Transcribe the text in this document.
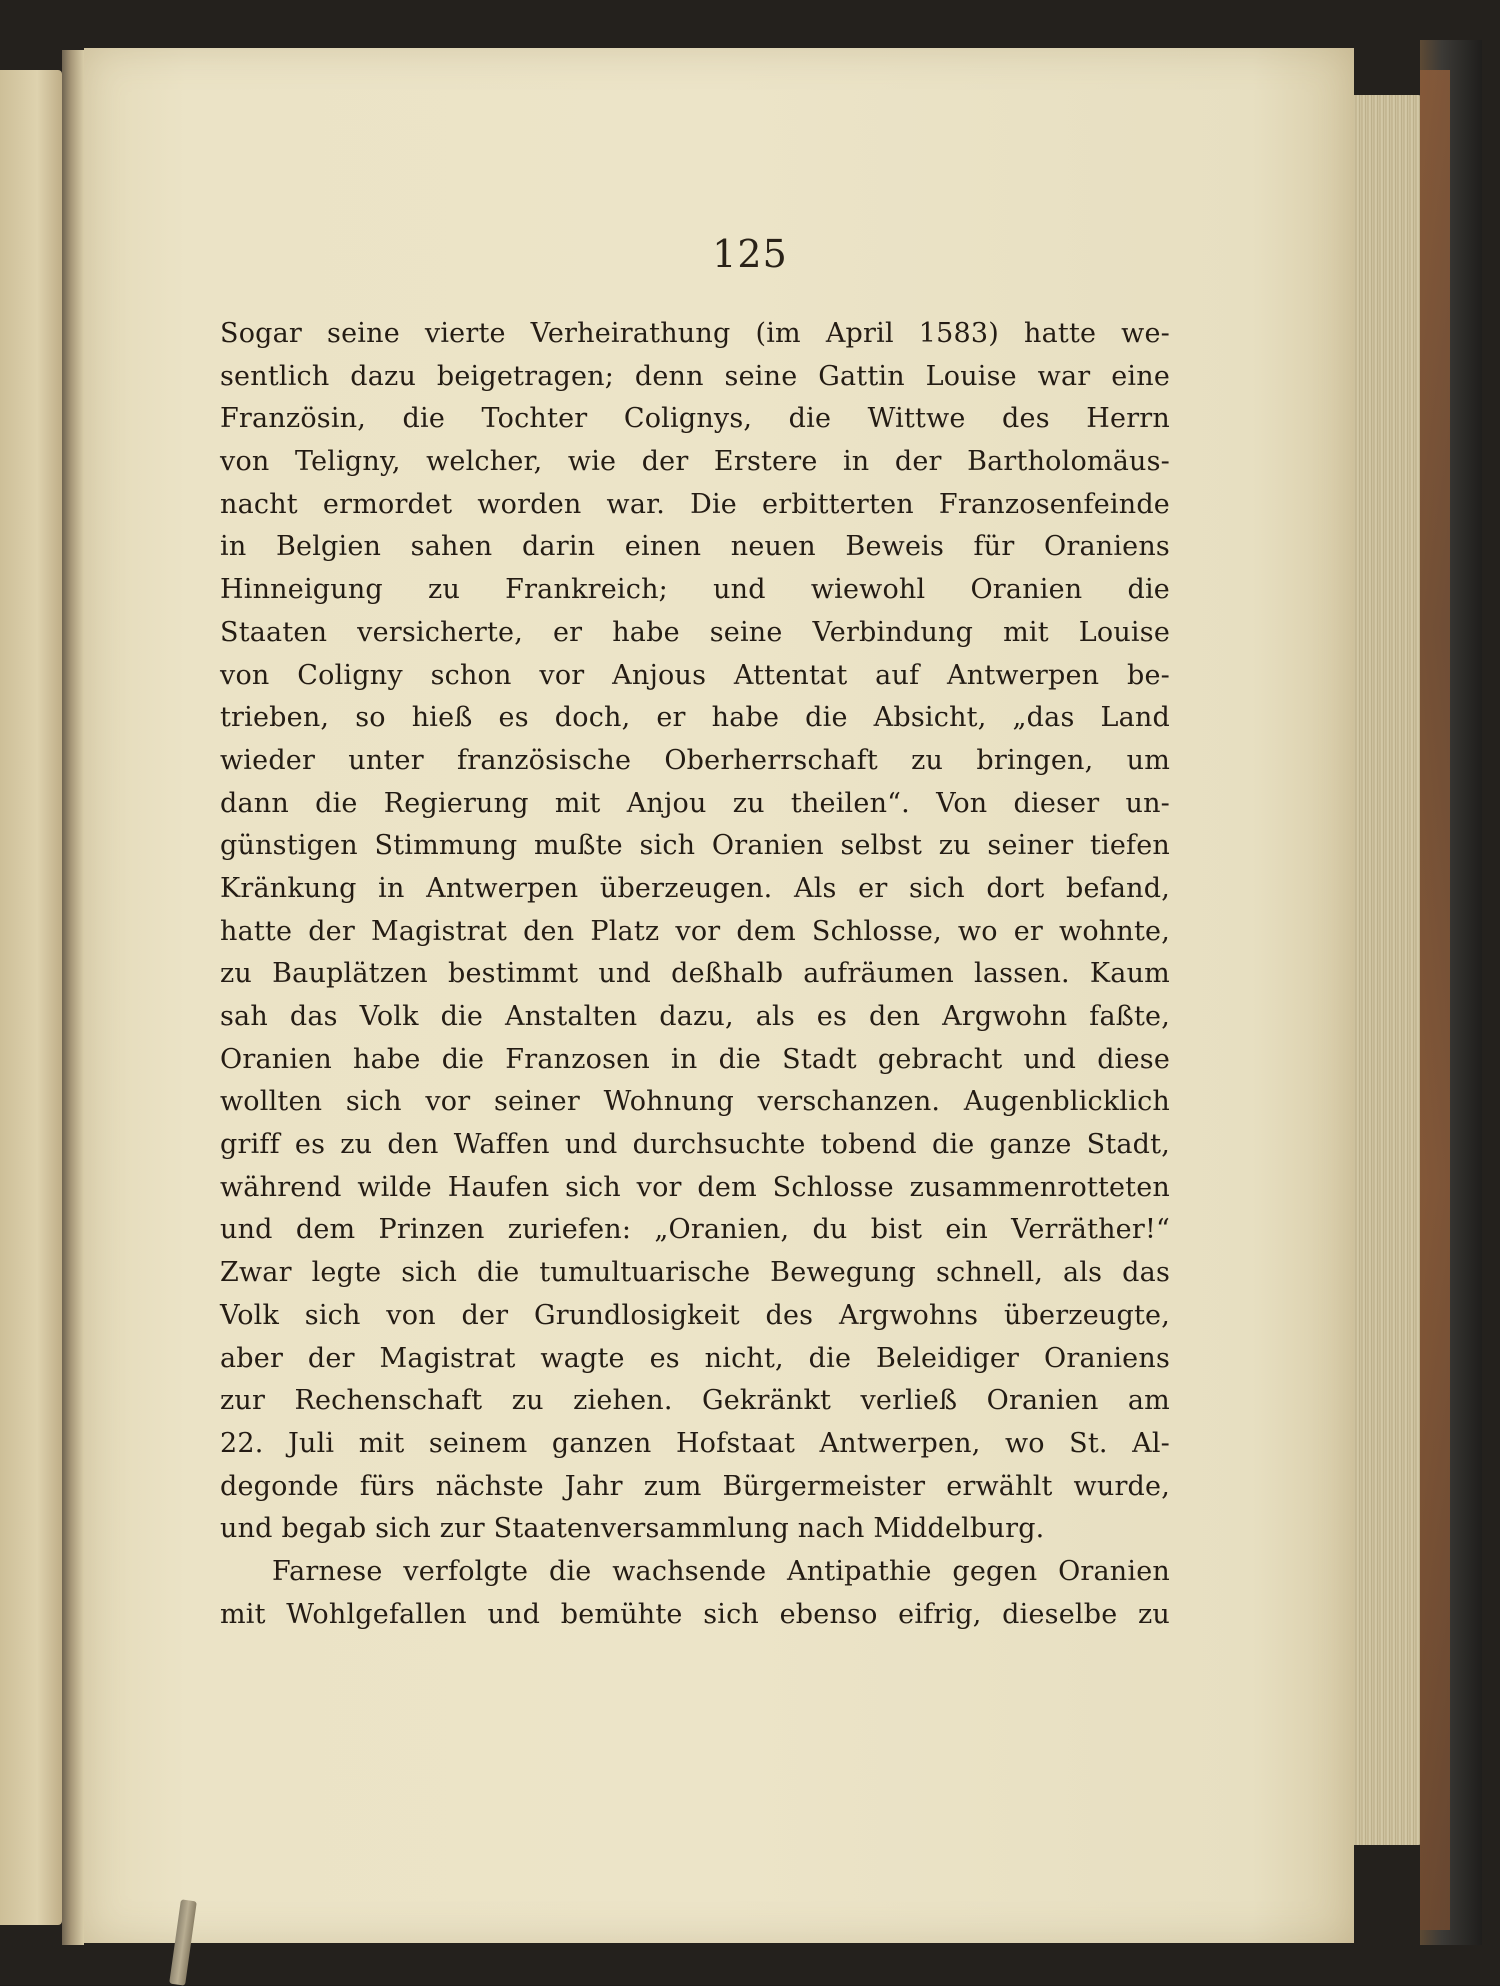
125
Sogar seine vierte Verheirathung (im April 1583) hatte we-
sentlich dazu beigetragen; denn seine Gattin Louise war eine
Französin, die Tochter Colignys, die Wittwe des Herrn
von Teligny, welcher, wie der Erstere in der Bartholomäus-
nacht ermordet worden war. Die erbitterten Franzosenfeinde
in Belgien sahen darin einen neuen Beweis für Oraniens
Hinneigung zu Frankreich; und wiewohl Oranien die
Staaten versicherte, er habe seine Verbindung mit Louise
von Coligny schon vor Anjous Attentat auf Antwerpen be-
trieben, so hieß es doch, er habe die Absicht, „das Land
wieder unter französische Oberherrschaft zu bringen, um
dann die Regierung mit Anjou zu theilen“. Von dieser un-
günstigen Stimmung mußte sich Oranien selbst zu seiner tiefen
Kränkung in Antwerpen überzeugen. Als er sich dort befand,
hatte der Magistrat den Platz vor dem Schlosse, wo er wohnte,
zu Bauplätzen bestimmt und deßhalb aufräumen lassen. Kaum
sah das Volk die Anstalten dazu, als es den Argwohn faßte,
Oranien habe die Franzosen in die Stadt gebracht und diese
wollten sich vor seiner Wohnung verschanzen. Augenblicklich
griff es zu den Waffen und durchsuchte tobend die ganze Stadt,
während wilde Haufen sich vor dem Schlosse zusammenrotteten
und dem Prinzen zuriefen: „Oranien, du bist ein Verräther!“
Zwar legte sich die tumultuarische Bewegung schnell, als das
Volk sich von der Grundlosigkeit des Argwohns überzeugte,
aber der Magistrat wagte es nicht, die Beleidiger Oraniens
zur Rechenschaft zu ziehen. Gekränkt verließ Oranien am
22. Juli mit seinem ganzen Hofstaat Antwerpen, wo St. Al-
degonde fürs nächste Jahr zum Bürgermeister erwählt wurde,
und begab sich zur Staatenversammlung nach Middelburg.
Farnese verfolgte die wachsende Antipathie gegen Oranien
mit Wohlgefallen und bemühte sich ebenso eifrig, dieselbe zu
